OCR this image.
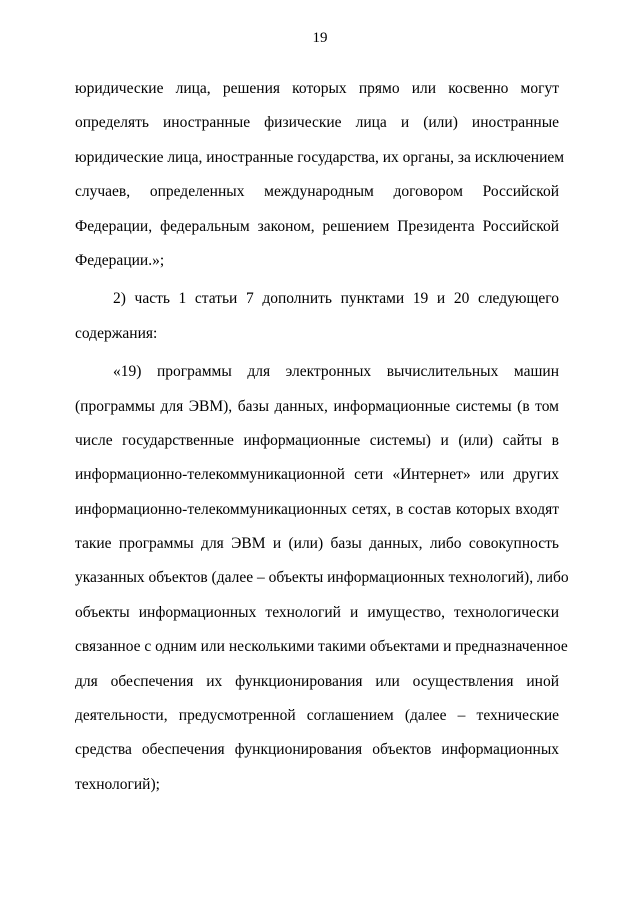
19
юридические лица, решения которых прямо или косвенно могут
определять иностранные физические лица и (или) иностранные
юридические лица, иностранные государства, их органы, за исключением
случаев, определенных международным договором Российской
Федерации, федеральным законом, решением Президента Российской
Федерации.»;
2) часть 1 статьи 7 дополнить пунктами 19 и 20 следующего
содержания:
«19) программы для электронных вычислительных машин
(программы для ЭВМ), базы данных, информационные системы (в том
числе государственные информационные системы) и (или) сайты в
информационно-телекоммуникационной сети «Интернет» или других
информационно-телекоммуникационных сетях, в состав которых входят
такие программы для ЭВМ и (или) базы данных, либо совокупность
указанных объектов (далее – объекты информационных технологий), либо
объекты информационных технологий и имущество, технологически
связанное с одним или несколькими такими объектами и предназначенное
для обеспечения их функционирования или осуществления иной
деятельности, предусмотренной соглашением (далее – технические
средства обеспечения функционирования объектов информационных
технологий);
